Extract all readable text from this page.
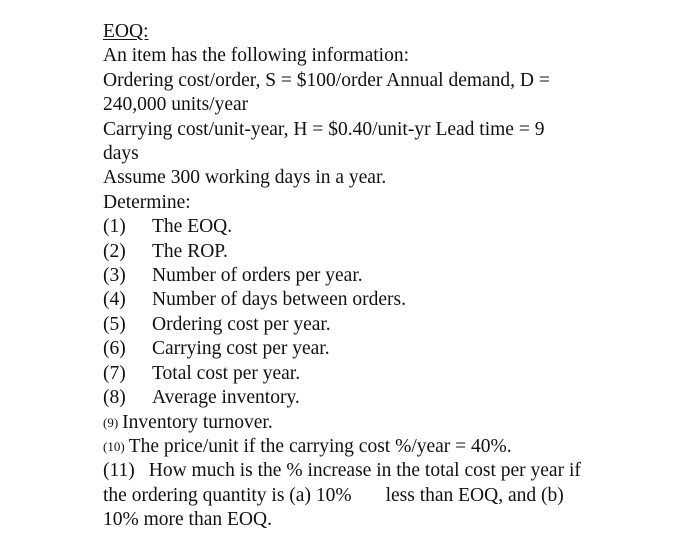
EOQ:
An item has the following information:
Ordering cost/order, S = $100/order Annual demand, D =
240,000 units/year
Carrying cost/unit-year, H = $0.40/unit-yr Lead time = 9
days
Assume 300 working days in a year.
Determine:
(1)	The EOQ.
(2)	The ROP.
(3)	Number of orders per year.
(4)	Number of days between orders.
(5)	Ordering cost per year.
(6)	Carrying cost per year.
(7)	Total cost per year.
(8)	Average inventory.
(9) Inventory turnover.
(10) The price/unit if the carrying cost %/year = 40%.
(11) How much is the % increase in the total cost per year if
the ordering quantity is (a) 10% less than EOQ, and (b)
10% more than EOQ.
